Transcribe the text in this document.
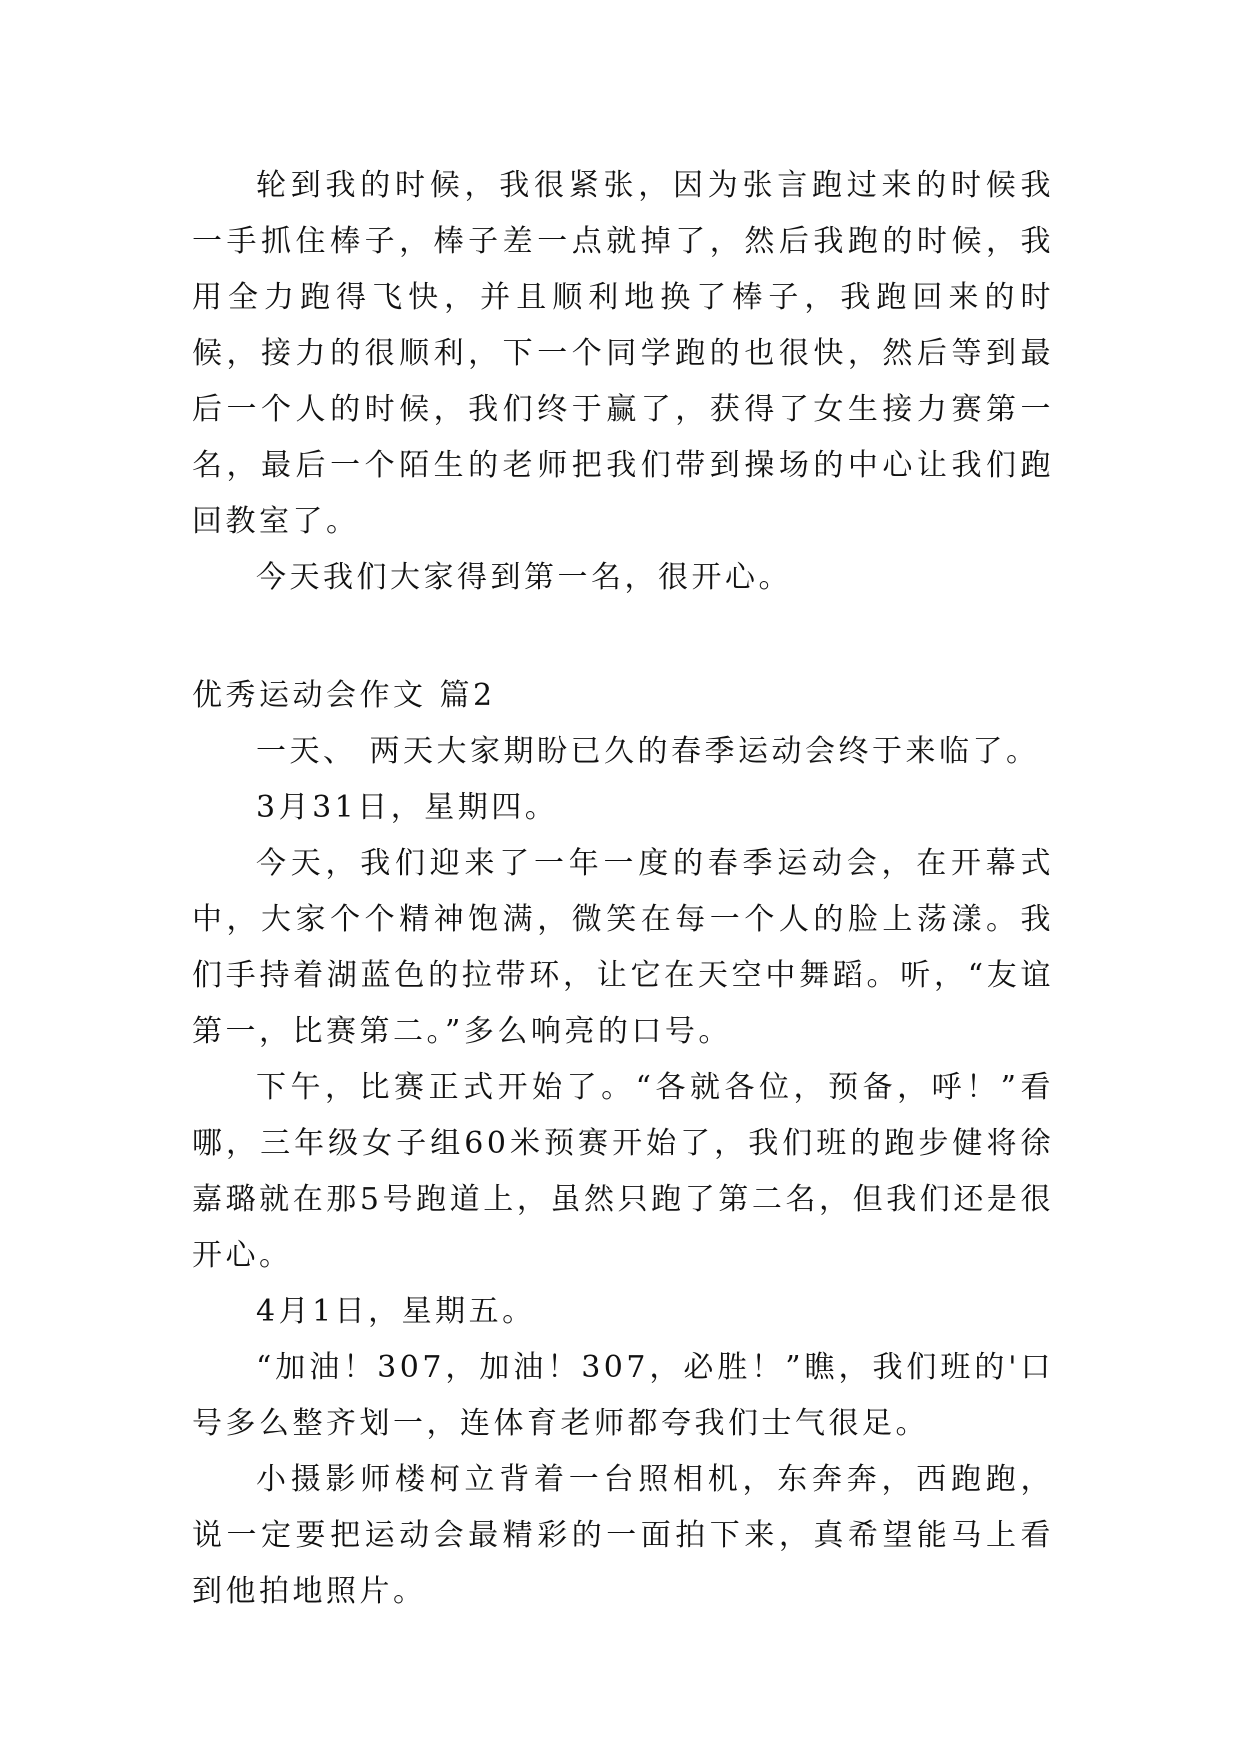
轮到我的时候，我很紧张，因为张言跑过来的时候我一手抓住棒子，棒子差一点就掉了，然后我跑的时候，我用全力跑得飞快，并且顺利地换了棒子，我跑回来的时候，接力的很顺利，下一个同学跑的也很快，然后等到最后一个人的时候，我们终于赢了，获得了女生接力赛第一名，最后一个陌生的老师把我们带到操场的中心让我们跑回教室了。

今天我们大家得到第一名，很开心。

优秀运动会作文 篇2

一天、 两天大家期盼已久的春季运动会终于来临了。

3月31日，星期四。

今天，我们迎来了一年一度的春季运动会，在开幕式中，大家个个精神饱满，微笑在每一个人的脸上荡漾。我们手持着湖蓝色的拉带环，让它在天空中舞蹈。听，“友谊第一，比赛第二。”多么响亮的口号。

下午，比赛正式开始了。“各就各位，预备，呼！”看哪，三年级女子组60米预赛开始了，我们班的跑步健将徐嘉璐就在那5号跑道上，虽然只跑了第二名，但我们还是很开心。

4月1日，星期五。

“加油！307，加油！307，必胜！”瞧，我们班的'口号多么整齐划一，连体育老师都夸我们士气很足。

小摄影师楼柯立背着一台照相机，东奔奔，西跑跑，说一定要把运动会最精彩的一面拍下来，真希望能马上看到他拍地照片。
